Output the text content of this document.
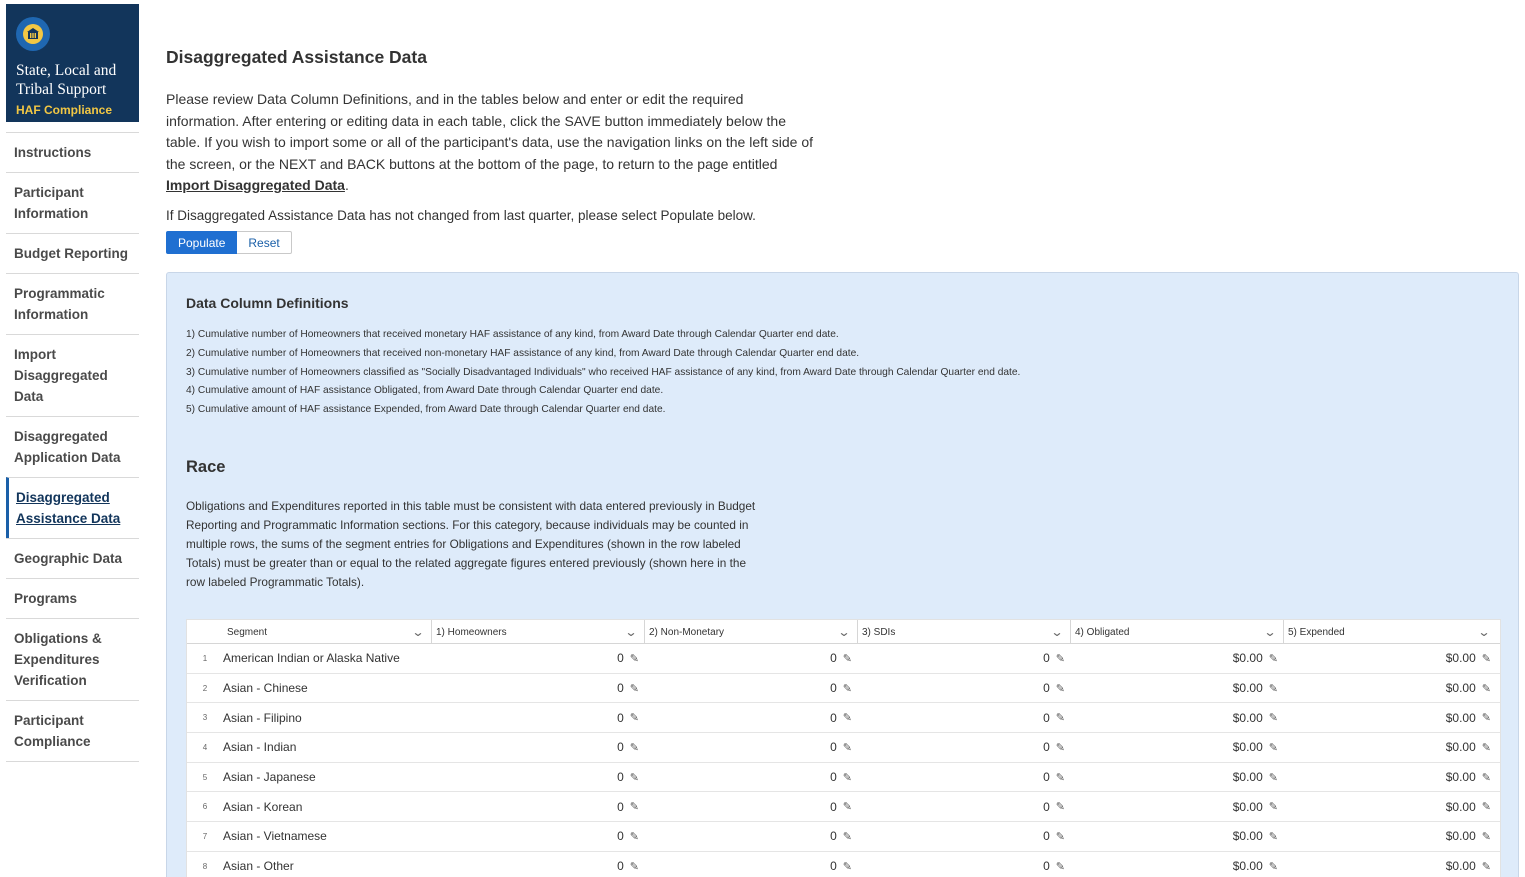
State, Local and Tribal Support
HAF Compliance
Instructions
Participant Information
Budget Reporting
Programmatic Information
Import Disaggregated Data
Disaggregated Application Data
Disaggregated Assistance Data
Geographic Data
Programs
Obligations & Expenditures Verification
Participant Compliance
Disaggregated Assistance Data

Please review Data Column Definitions, and in the tables below and enter or edit the required information. After entering or editing data in each table, click the SAVE button immediately below the table. If you wish to import some or all of the participant's data, use the navigation links on the left side of the screen, or the NEXT and BACK buttons at the bottom of the page, to return to the page entitled Import Disaggregated Data.

If Disaggregated Assistance Data has not changed from last quarter, please select Populate below.

Populate	Reset
Data Column Definitions
1) Cumulative number of Homeowners that received monetary HAF assistance of any kind, from Award Date through Calendar Quarter end date.
2) Cumulative number of Homeowners that received non-monetary HAF assistance of any kind, from Award Date through Calendar Quarter end date.
3) Cumulative number of Homeowners classified as "Socially Disadvantaged Individuals" who received HAF assistance of any kind, from Award Date through Calendar Quarter end date.
4) Cumulative amount of HAF assistance Obligated, from Award Date through Calendar Quarter end date.
5) Cumulative amount of HAF assistance Expended, from Award Date through Calendar Quarter end date.
Race

Obligations and Expenditures reported in this table must be consistent with data entered previously in Budget Reporting and Programmatic Information sections. For this category, because individuals may be counted in multiple rows, the sums of the segment entries for Obligations and Expenditures (shown in the row labeled Totals) must be greater than or equal to the related aggregate figures entered previously (shown here in the row labeled Programmatic Totals).

Segment	⌄ 1) Homeowners	⌄ 2) Non-Monetary	⌄ 3) SDIs	⌄ 4) Obligated	⌄ 5) Expended	⌄
1	American Indian or Alaska Native	0 ✎	0 ✎	0 ✎	$0.00 ✎	$0.00 ✎
2	Asian - Chinese	0 ✎	0 ✎	0 ✎	$0.00 ✎	$0.00 ✎
3	Asian - Filipino	0 ✎	0 ✎	0 ✎	$0.00 ✎	$0.00 ✎
4	Asian - Indian	0 ✎	0 ✎	0 ✎	$0.00 ✎	$0.00 ✎
5	Asian - Japanese	0 ✎	0 ✎	0 ✎	$0.00 ✎	$0.00 ✎
6	Asian - Korean	0 ✎	0 ✎	0 ✎	$0.00 ✎	$0.00 ✎
7	Asian - Vietnamese	0 ✎	0 ✎	0 ✎	$0.00 ✎	$0.00 ✎
8	Asian - Other	0 ✎	0 ✎	0 ✎	$0.00 ✎	$0.00 ✎
